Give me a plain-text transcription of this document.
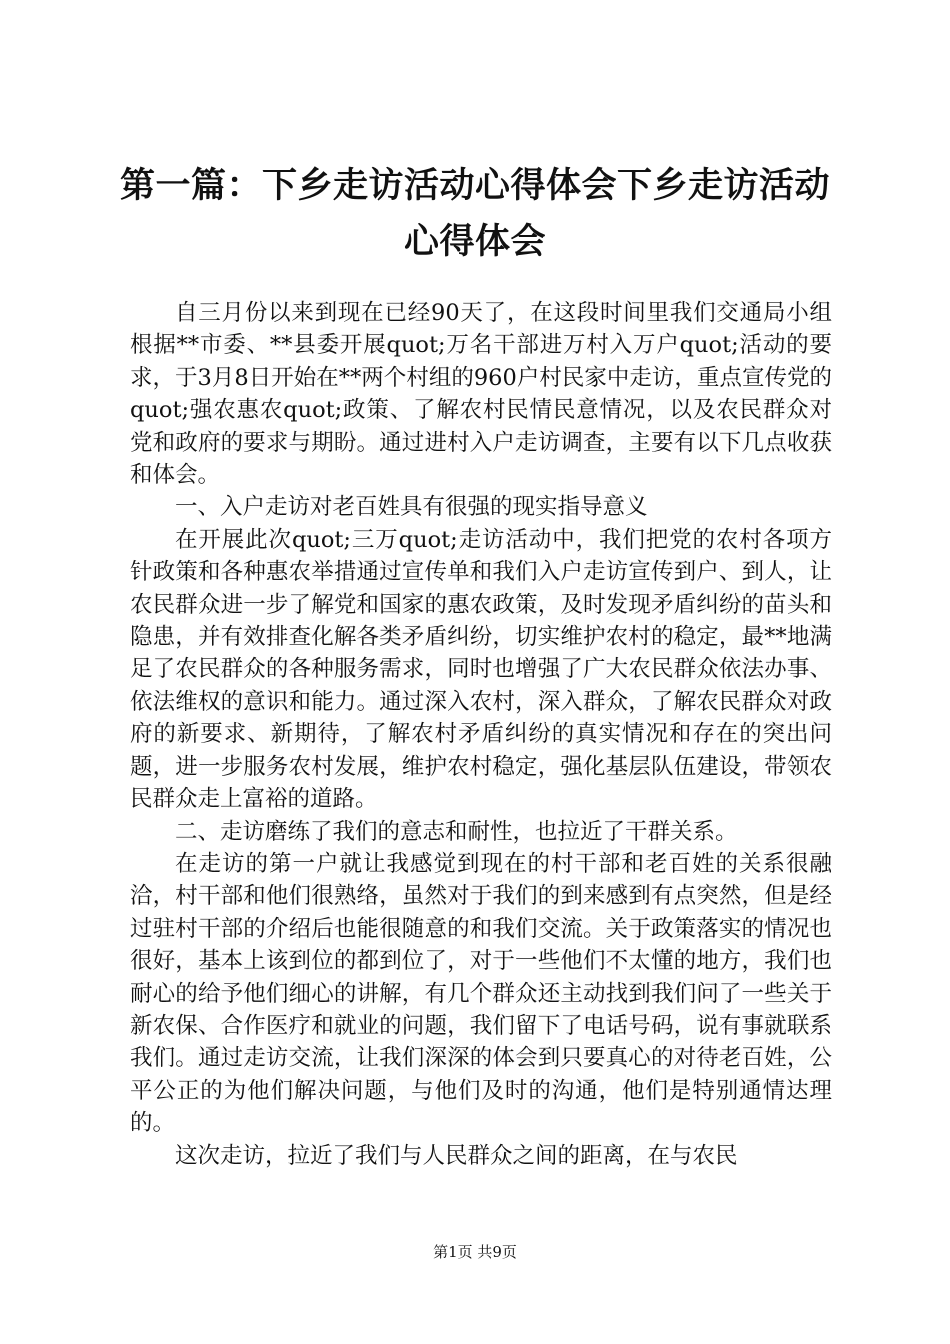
第一篇：下乡走访活动心得体会下乡走访活动心得体会

自三月份以来到现在已经90天了，在这段时间里我们交通局小组根据**市委、**县委开展quot;万名干部进万村入万户quot;活动的要求，于3月8日开始在**两个村组的960户村民家中走访，重点宣传党的quot;强农惠农quot;政策、了解农村民情民意情况，以及农民群众对党和政府的要求与期盼。通过进村入户走访调查，主要有以下几点收获和体会。

一、入户走访对老百姓具有很强的现实指导意义

在开展此次quot;三万quot;走访活动中，我们把党的农村各项方针政策和各种惠农举措通过宣传单和我们入户走访宣传到户、到人，让农民群众进一步了解党和国家的惠农政策，及时发现矛盾纠纷的苗头和隐患，并有效排查化解各类矛盾纠纷，切实维护农村的稳定，最**地满足了农民群众的各种服务需求，同时也增强了广大农民群众依法办事、依法维权的意识和能力。通过深入农村，深入群众，了解农民群众对政府的新要求、新期待，了解农村矛盾纠纷的真实情况和存在的突出问题，进一步服务农村发展，维护农村稳定，强化基层队伍建设，带领农民群众走上富裕的道路。

二、走访磨练了我们的意志和耐性，也拉近了干群关系。

在走访的第一户就让我感觉到现在的村干部和老百姓的关系很融洽，村干部和他们很熟络，虽然对于我们的到来感到有点突然，但是经过驻村干部的介绍后也能很随意的和我们交流。关于政策落实的情况也很好，基本上该到位的都到位了，对于一些他们不太懂的地方，我们也耐心的给予他们细心的讲解，有几个群众还主动找到我们问了一些关于新农保、合作医疗和就业的问题，我们留下了电话号码，说有事就联系我们。通过走访交流，让我们深深的体会到只要真心的对待老百姓，公平公正的为他们解决问题，与他们及时的沟通，他们是特别通情达理的。

这次走访，拉近了我们与人民群众之间的距离，在与农民

第1页 共9页
